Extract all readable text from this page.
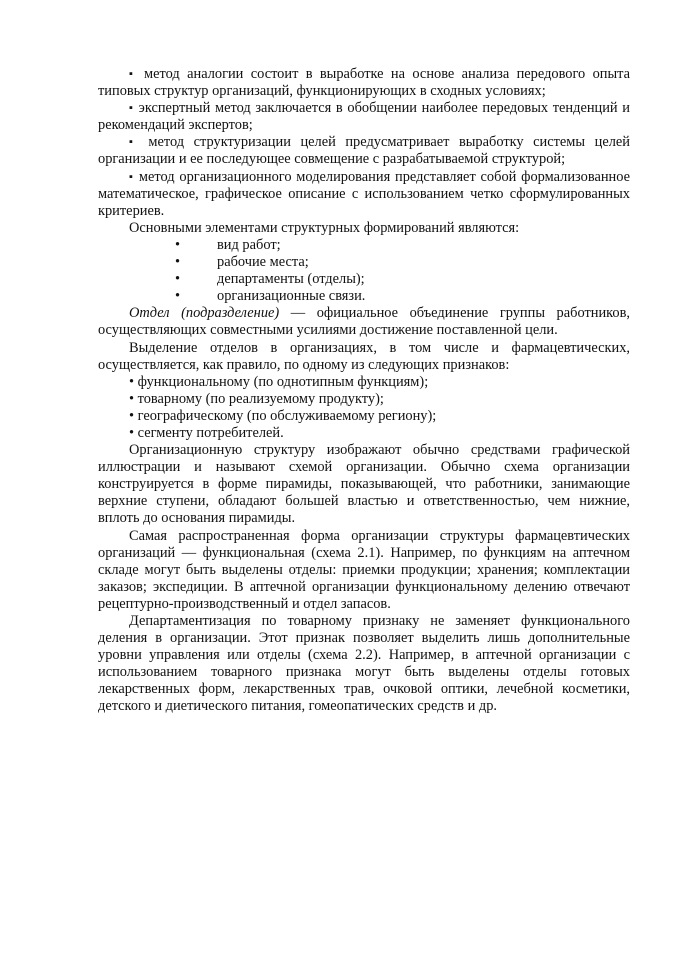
▪ метод аналогии состоит в выработке на основе анализа передового опыта типовых структур организаций, функционирующих в сходных условиях;

▪ экспертный метод заключается в обобщении наиболее передовых тенденций и рекомендаций экспертов;

▪ метод структуризации целей предусматривает выработку системы целей организации и ее последующее совмещение с разрабатываемой структурой;

▪ метод организационного моделирования представляет собой формализованное математическое, графическое описание с использованием четко сформулированных критериев.

Основными элементами структурных формирований являются:

• вид работ;
• рабочие места;
• департаменты (отделы);
• организационные связи.

Отдел (подразделение) — официальное объединение группы работников, осуществляющих совместными усилиями достижение поставленной цели.

Выделение отделов в организациях, в том числе и фармацевтических, осуществляется, как правило, по одному из следующих признаков:

• функциональному (по однотипным функциям);

• товарному (по реализуемому продукту);

• географическому (по обслуживаемому региону);

• сегменту потребителей.

Организационную структуру изображают обычно средствами графической иллюстрации и называют схемой организации. Обычно схема организации конструируется в форме пирамиды, показывающей, что работники, занимающие верхние ступени, обладают большей властью и ответственностью, чем нижние, вплоть до основания пирамиды.

Самая распространенная форма организации структуры фармацевтических организаций — функциональная (схема 2.1). Например, по функциям на аптечном складе могут быть выделены отделы: приемки продукции; хранения; комплектации заказов; экспедиции. В аптечной организации функциональному делению отвечают рецептурно-производственный и отдел запасов.

Департаментизация по товарному признаку не заменяет функционального деления в организации. Этот признак позволяет выделить лишь дополнительные уровни управления или отделы (схема 2.2). Например, в аптечной организации с использованием товарного признака могут быть выделены отделы готовых лекарственных форм, лекарственных трав, очковой оптики, лечебной косметики, детского и диетического питания, гомеопатических средств и др.
